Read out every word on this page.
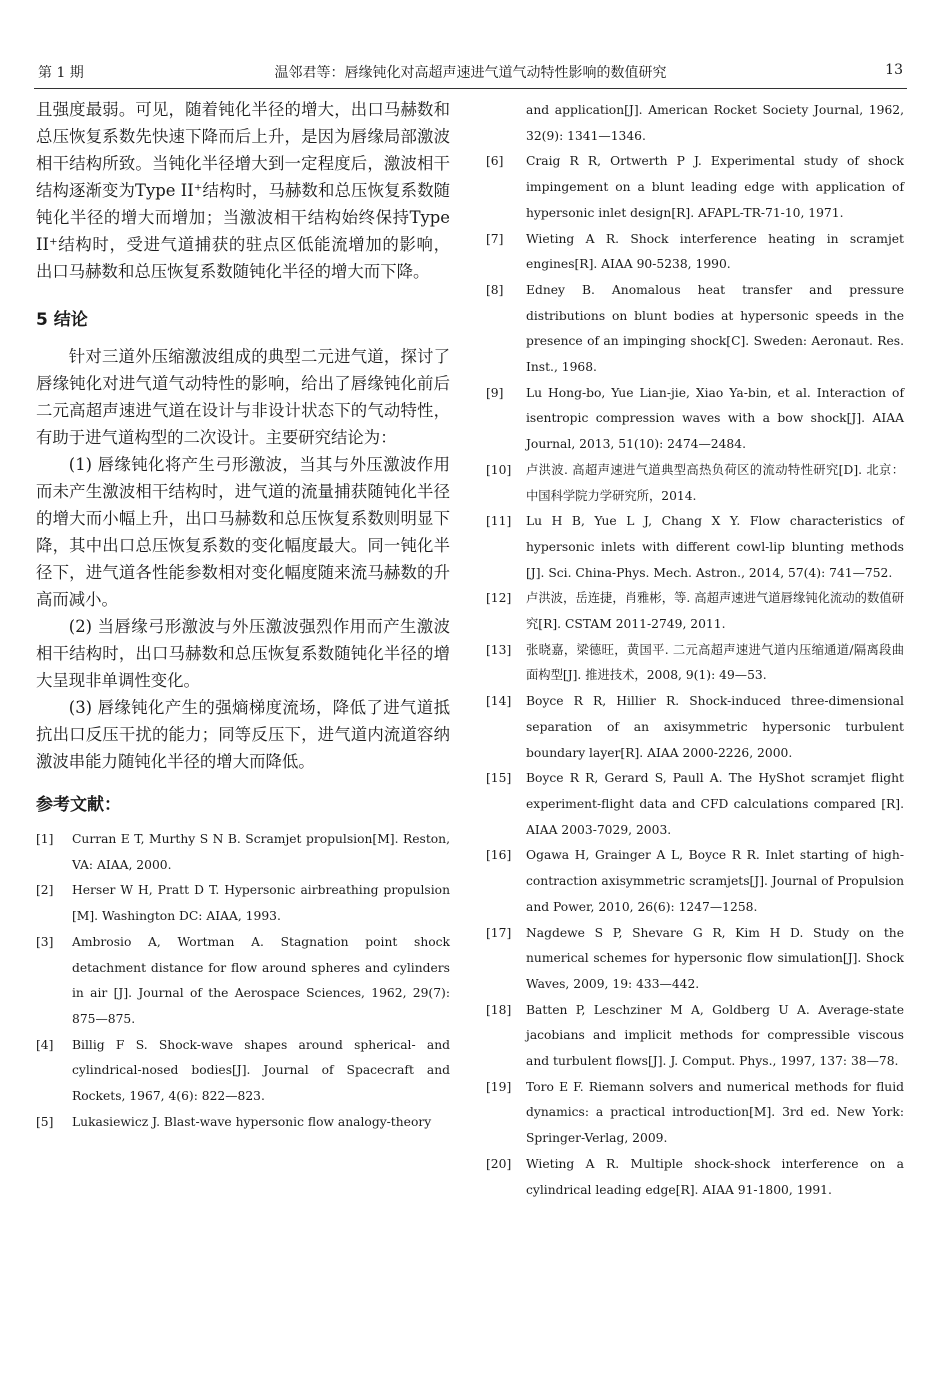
第 1 期	温邻君等：唇缘钝化对高超声速进气道气动特性影响的数值研究	13

且强度最弱。可见，随着钝化半径的增大，出口马赫数和总压恢复系数先快速下降而后上升，是因为唇缘局部激波相干结构所致。当钝化半径增大到一定程度后，激波相干结构逐渐变为Type II⁺结构时，马赫数和总压恢复系数随钝化半径的增大而增加；当激波相干结构始终保持Type II⁺结构时，受进气道捕获的驻点区低能流增加的影响，出口马赫数和总压恢复系数随钝化半径的增大而下降。

5 结论

针对三道外压缩激波组成的典型二元进气道，探讨了唇缘钝化对进气道气动特性的影响，给出了唇缘钝化前后二元高超声速进气道在设计与非设计状态下的气动特性，有助于进气道构型的二次设计。主要研究结论为：

(1) 唇缘钝化将产生弓形激波，当其与外压激波作用而未产生激波相干结构时，进气道的流量捕获随钝化半径的增大而小幅上升，出口马赫数和总压恢复系数则明显下降，其中出口总压恢复系数的变化幅度最大。同一钝化半径下，进气道各性能参数相对变化幅度随来流马赫数的升高而减小。

(2) 当唇缘弓形激波与外压激波强烈作用而产生激波相干结构时，出口马赫数和总压恢复系数随钝化半径的增大呈现非单调性变化。

(3) 唇缘钝化产生的强熵梯度流场，降低了进气道抵抗出口反压干扰的能力；同等反压下，进气道内流道容纳激波串能力随钝化半径的增大而降低。

参考文献：

[1] Curran E T, Murthy S N B. Scramjet propulsion[M]. Reston, VA: AIAA, 2000.

[2] Herser W H, Pratt D T. Hypersonic airbreathing propulsion [M]. Washington DC: AIAA, 1993.

[3] Ambrosio A, Wortman A. Stagnation point shock detachment distance for flow around spheres and cylinders in air [J]. Journal of the Aerospace Sciences, 1962, 29(7): 875—875.

[4] Billig F S. Shock-wave shapes around spherical- and cylindrical-nosed bodies[J]. Journal of Spacecraft and Rockets, 1967, 4(6): 822—823.

[5] Lukasiewicz J. Blast-wave hypersonic flow analogy-theory

and application[J]. American Rocket Society Journal, 1962, 32(9): 1341—1346.

[6] Craig R R, Ortwerth P J. Experimental study of shock impingement on a blunt leading edge with application of hypersonic inlet design[R]. AFAPL-TR-71-10, 1971.

[7] Wieting A R. Shock interference heating in scramjet engines[R]. AIAA 90-5238, 1990.

[8] Edney B. Anomalous heat transfer and pressure distributions on blunt bodies at hypersonic speeds in the presence of an impinging shock[C]. Sweden: Aeronaut. Res. Inst., 1968.

[9] Lu Hong-bo, Yue Lian-jie, Xiao Ya-bin, et al. Interaction of isentropic compression waves with a bow shock[J]. AIAA Journal, 2013, 51(10): 2474—2484.

[10] 卢洪波. 高超声速进气道典型高热负荷区的流动特性研究[D]. 北京：中国科学院力学研究所，2014.

[11] Lu H B, Yue L J, Chang X Y. Flow characteristics of hypersonic inlets with different cowl-lip blunting methods [J]. Sci. China-Phys. Mech. Astron., 2014, 57(4): 741—752.

[12] 卢洪波，岳连捷，肖雅彬，等. 高超声速进气道唇缘钝化流动的数值研究[R]. CSTAM 2011-2749, 2011.

[13] 张晓嘉，梁德旺，黄国平. 二元高超声速进气道内压缩通道/隔离段曲面构型[J]. 推进技术，2008, 9(1): 49—53.

[14] Boyce R R, Hillier R. Shock-induced three-dimensional separation of an axisymmetric hypersonic turbulent boundary layer[R]. AIAA 2000-2226, 2000.

[15] Boyce R R, Gerard S, Paull A. The HyShot scramjet flight experiment-flight data and CFD calculations compared [R]. AIAA 2003-7029, 2003.

[16] Ogawa H, Grainger A L, Boyce R R. Inlet starting of high-contraction axisymmetric scramjets[J]. Journal of Propulsion and Power, 2010, 26(6): 1247—1258.

[17] Nagdewe S P, Shevare G R, Kim H D. Study on the numerical schemes for hypersonic flow simulation[J]. Shock Waves, 2009, 19: 433—442.

[18] Batten P, Leschziner M A, Goldberg U A. Average-state jacobians and implicit methods for compressible viscous and turbulent flows[J]. J. Comput. Phys., 1997, 137: 38—78.

[19] Toro E F. Riemann solvers and numerical methods for fluid dynamics: a practical introduction[M]. 3rd ed. New York: Springer-Verlag, 2009.

[20] Wieting A R. Multiple shock-shock interference on a cylindrical leading edge[R]. AIAA 91-1800, 1991.
